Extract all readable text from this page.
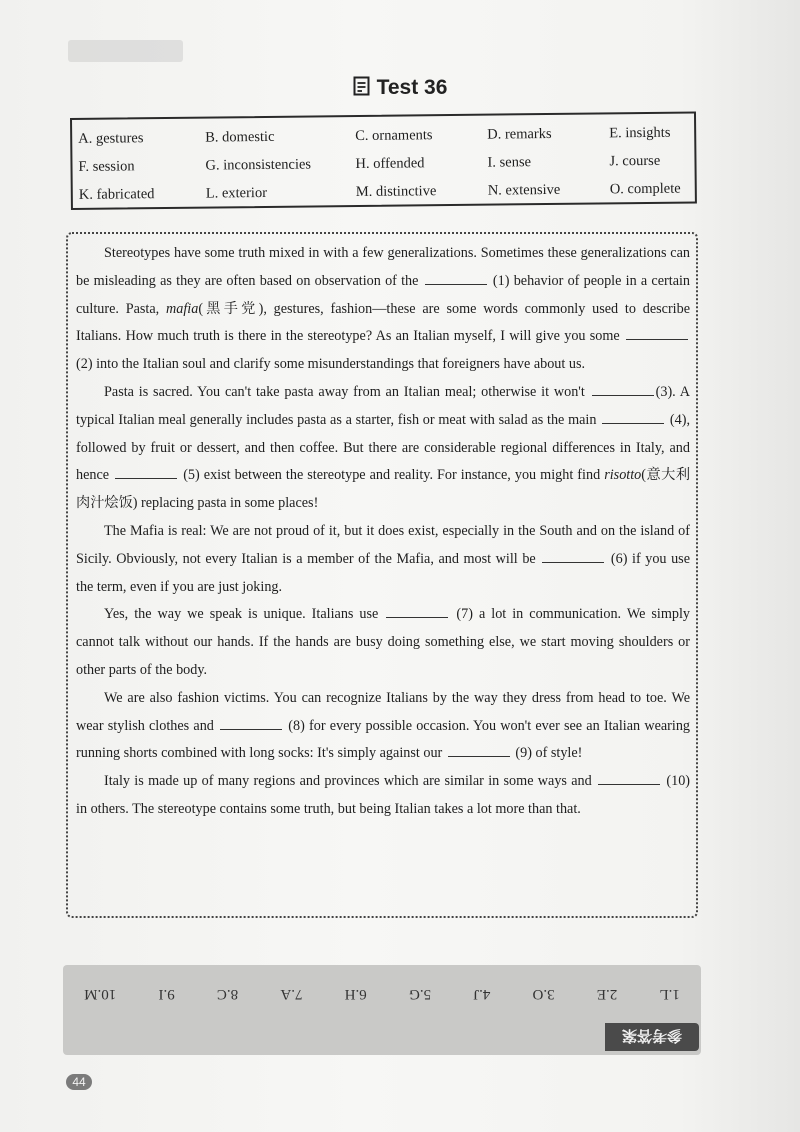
Test 36
A. gestures	B. domestic	C. ornaments	D. remarks	E. insights
F. session	G. inconsistencies	H. offended	I. sense	J. course
K. fabricated	L. exterior	M. distinctive	N. extensive	O. complete

Stereotypes have some truth mixed in with a few generalizations. Sometimes these generalizations can be misleading as they are often based on observation of the	(1) behavior of people in a certain culture. Pasta, mafia(黑手党), gestures, fashion—these are some words commonly used to describe Italians. How much truth is there in the stereotype? As an Italian myself, I will give you some  (2) into the Italian soul and clarify some misunderstandings that foreigners have about us.

Pasta is sacred. You can't take pasta away from an Italian meal; otherwise it won't	(3). A typical Italian meal generally includes pasta as a starter, fish or meat with salad as the main	(4), followed by fruit or dessert, and then coffee. But there are considerable regional differences in Italy, and hence	(5) exist between the stereotype and reality. For instance, you might find risotto(意大利肉汁烩饭) replacing pasta in some places!

The Mafia is real: We are not proud of it, but it does exist, especially in the South and on the island of Sicily. Obviously, not every Italian is a member of the Mafia, and most will be	(6) if you use the term, even if you are just joking.

Yes, the way we speak is unique. Italians use	(7) a lot in communication. We simply cannot talk without our hands. If the hands are busy doing something else, we start moving shoulders or other parts of the body.

We are also fashion victims. You can recognize Italians by the way they dress from head to toe. We wear stylish clothes and	(8) for every possible occasion. You won't ever see an Italian wearing running shorts combined with long socks: It's simply against our	(9) of style!

Italy is made up of many regions and provinces which are similar in some ways and	(10) in others. The stereotype contains some truth, but being Italian takes a lot more than that.

1.L
2.E
3.O
4.J
5.G
6.H
7.A
8.C
9.I
10.M
参考答案
44
